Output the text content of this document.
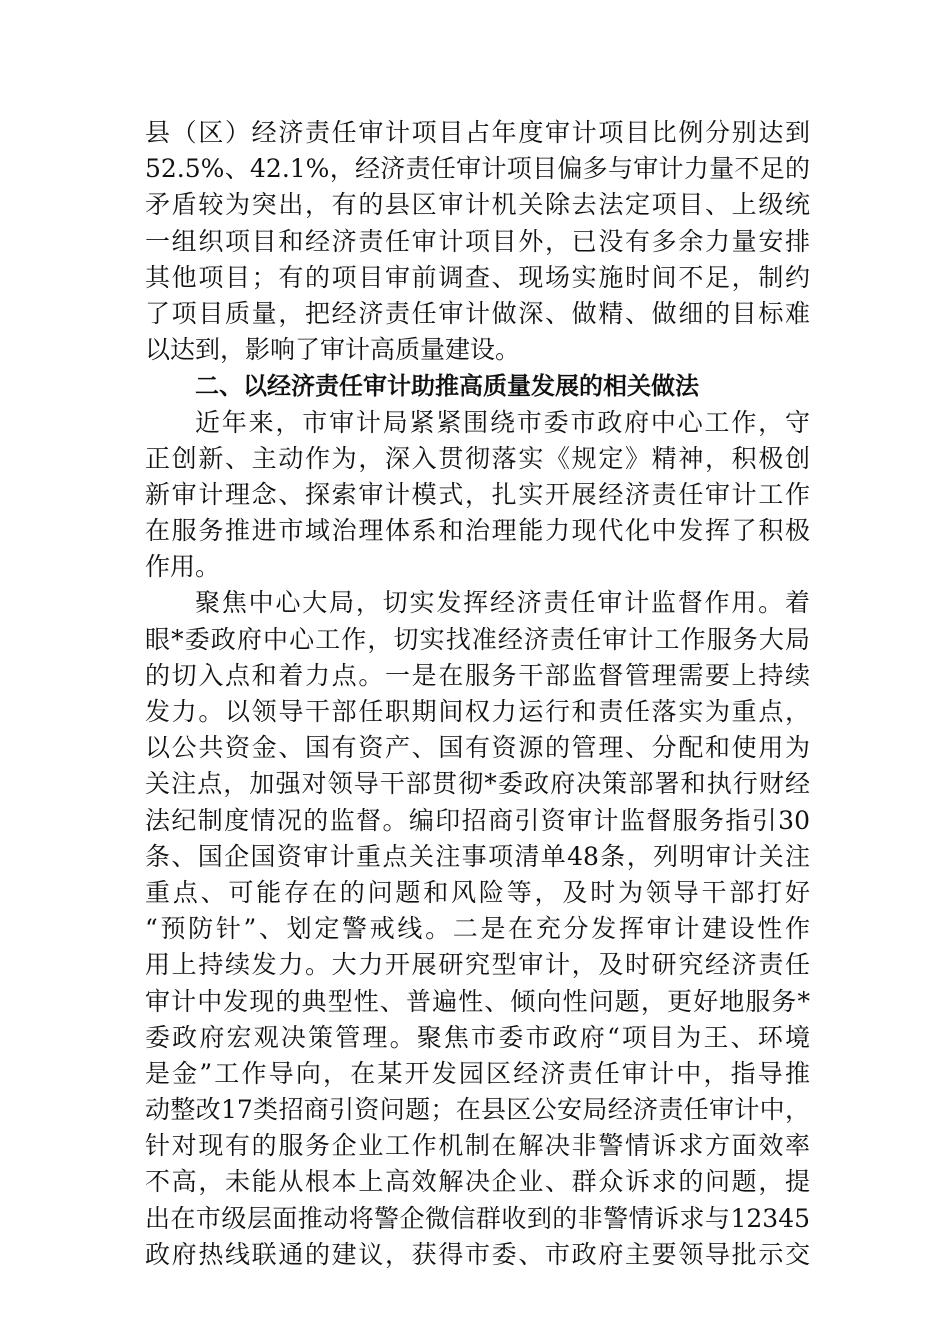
县（区）经济责任审计项目占年度审计项目比例分别达到
52.5%、42.1%，经济责任审计项目偏多与审计力量不足的
矛盾较为突出，有的县区审计机关除去法定项目、上级统
一组织项目和经济责任审计项目外，已没有多余力量安排
其他项目；有的项目审前调查、现场实施时间不足，制约
了项目质量，把经济责任审计做深、做精、做细的目标难
以达到，影响了审计高质量建设。
二、以经济责任审计助推高质量发展的相关做法
近年来，市审计局紧紧围绕市委市政府中心工作，守
正创新、主动作为，深入贯彻落实《规定》精神，积极创
新审计理念、探索审计模式，扎实开展经济责任审计工作
在服务推进市域治理体系和治理能力现代化中发挥了积极
作用。
聚焦中心大局，切实发挥经济责任审计监督作用。着
眼*委政府中心工作，切实找准经济责任审计工作服务大局
的切入点和着力点。一是在服务干部监督管理需要上持续
发力。以领导干部任职期间权力运行和责任落实为重点，
以公共资金、国有资产、国有资源的管理、分配和使用为
关注点，加强对领导干部贯彻*委政府决策部署和执行财经
法纪制度情况的监督。编印招商引资审计监督服务指引30
条、国企国资审计重点关注事项清单48条，列明审计关注
重点、可能存在的问题和风险等，及时为领导干部打好
“预防针”、划定警戒线。二是在充分发挥审计建设性作
用上持续发力。大力开展研究型审计，及时研究经济责任
审计中发现的典型性、普遍性、倾向性问题，更好地服务*
委政府宏观决策管理。聚焦市委市政府“项目为王、环境
是金”工作导向，在某开发园区经济责任审计中，指导推
动整改17类招商引资问题；在县区公安局经济责任审计中，
针对现有的服务企业工作机制在解决非警情诉求方面效率
不高，未能从根本上高效解决企业、群众诉求的问题，提
出在市级层面推动将警企微信群收到的非警情诉求与12345
政府热线联通的建议，获得市委、市政府主要领导批示交
